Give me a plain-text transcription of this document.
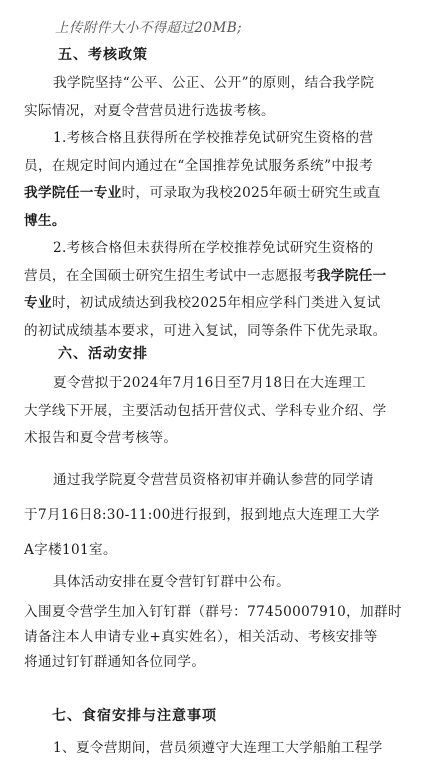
上传附件大小不得超过20MB;
五、考核政策
我学院坚持“公平、公正、公开”的原则，结合我学院
实际情况，对夏令营营员进行选拔考核。
1.考核合格且获得所在学校推荐免试研究生资格的营
员，在规定时间内通过在“全国推荐免试服务系统”中报考
我学院任一专业时，可录取为我校2025年硕士研究生或直
博生。
2.考核合格但未获得所在学校推荐免试研究生资格的
营员，在全国硕士研究生招生考试中一志愿报考我学院任一
专业时，初试成绩达到我校2025年相应学科门类进入复试
的初试成绩基本要求，可进入复试，同等条件下优先录取。
六、活动安排
夏令营拟于2024年7月16日至7月18日在大连理工
大学线下开展，主要活动包括开营仪式、学科专业介绍、学
术报告和夏令营考核等。
通过我学院夏令营营员资格初审并确认参营的同学请
于7月16日8:30-11:00进行报到，报到地点大连理工大学
A字楼101室。
具体活动安排在夏令营钉钉群中公布。
入围夏令营学生加入钉钉群（群号：77450007910，加群时
请备注本人申请专业+真实姓名），相关活动、考核安排等
将通过钉钉群通知各位同学。
七、食宿安排与注意事项
1、夏令营期间，营员须遵守大连理工大学船舶工程学
